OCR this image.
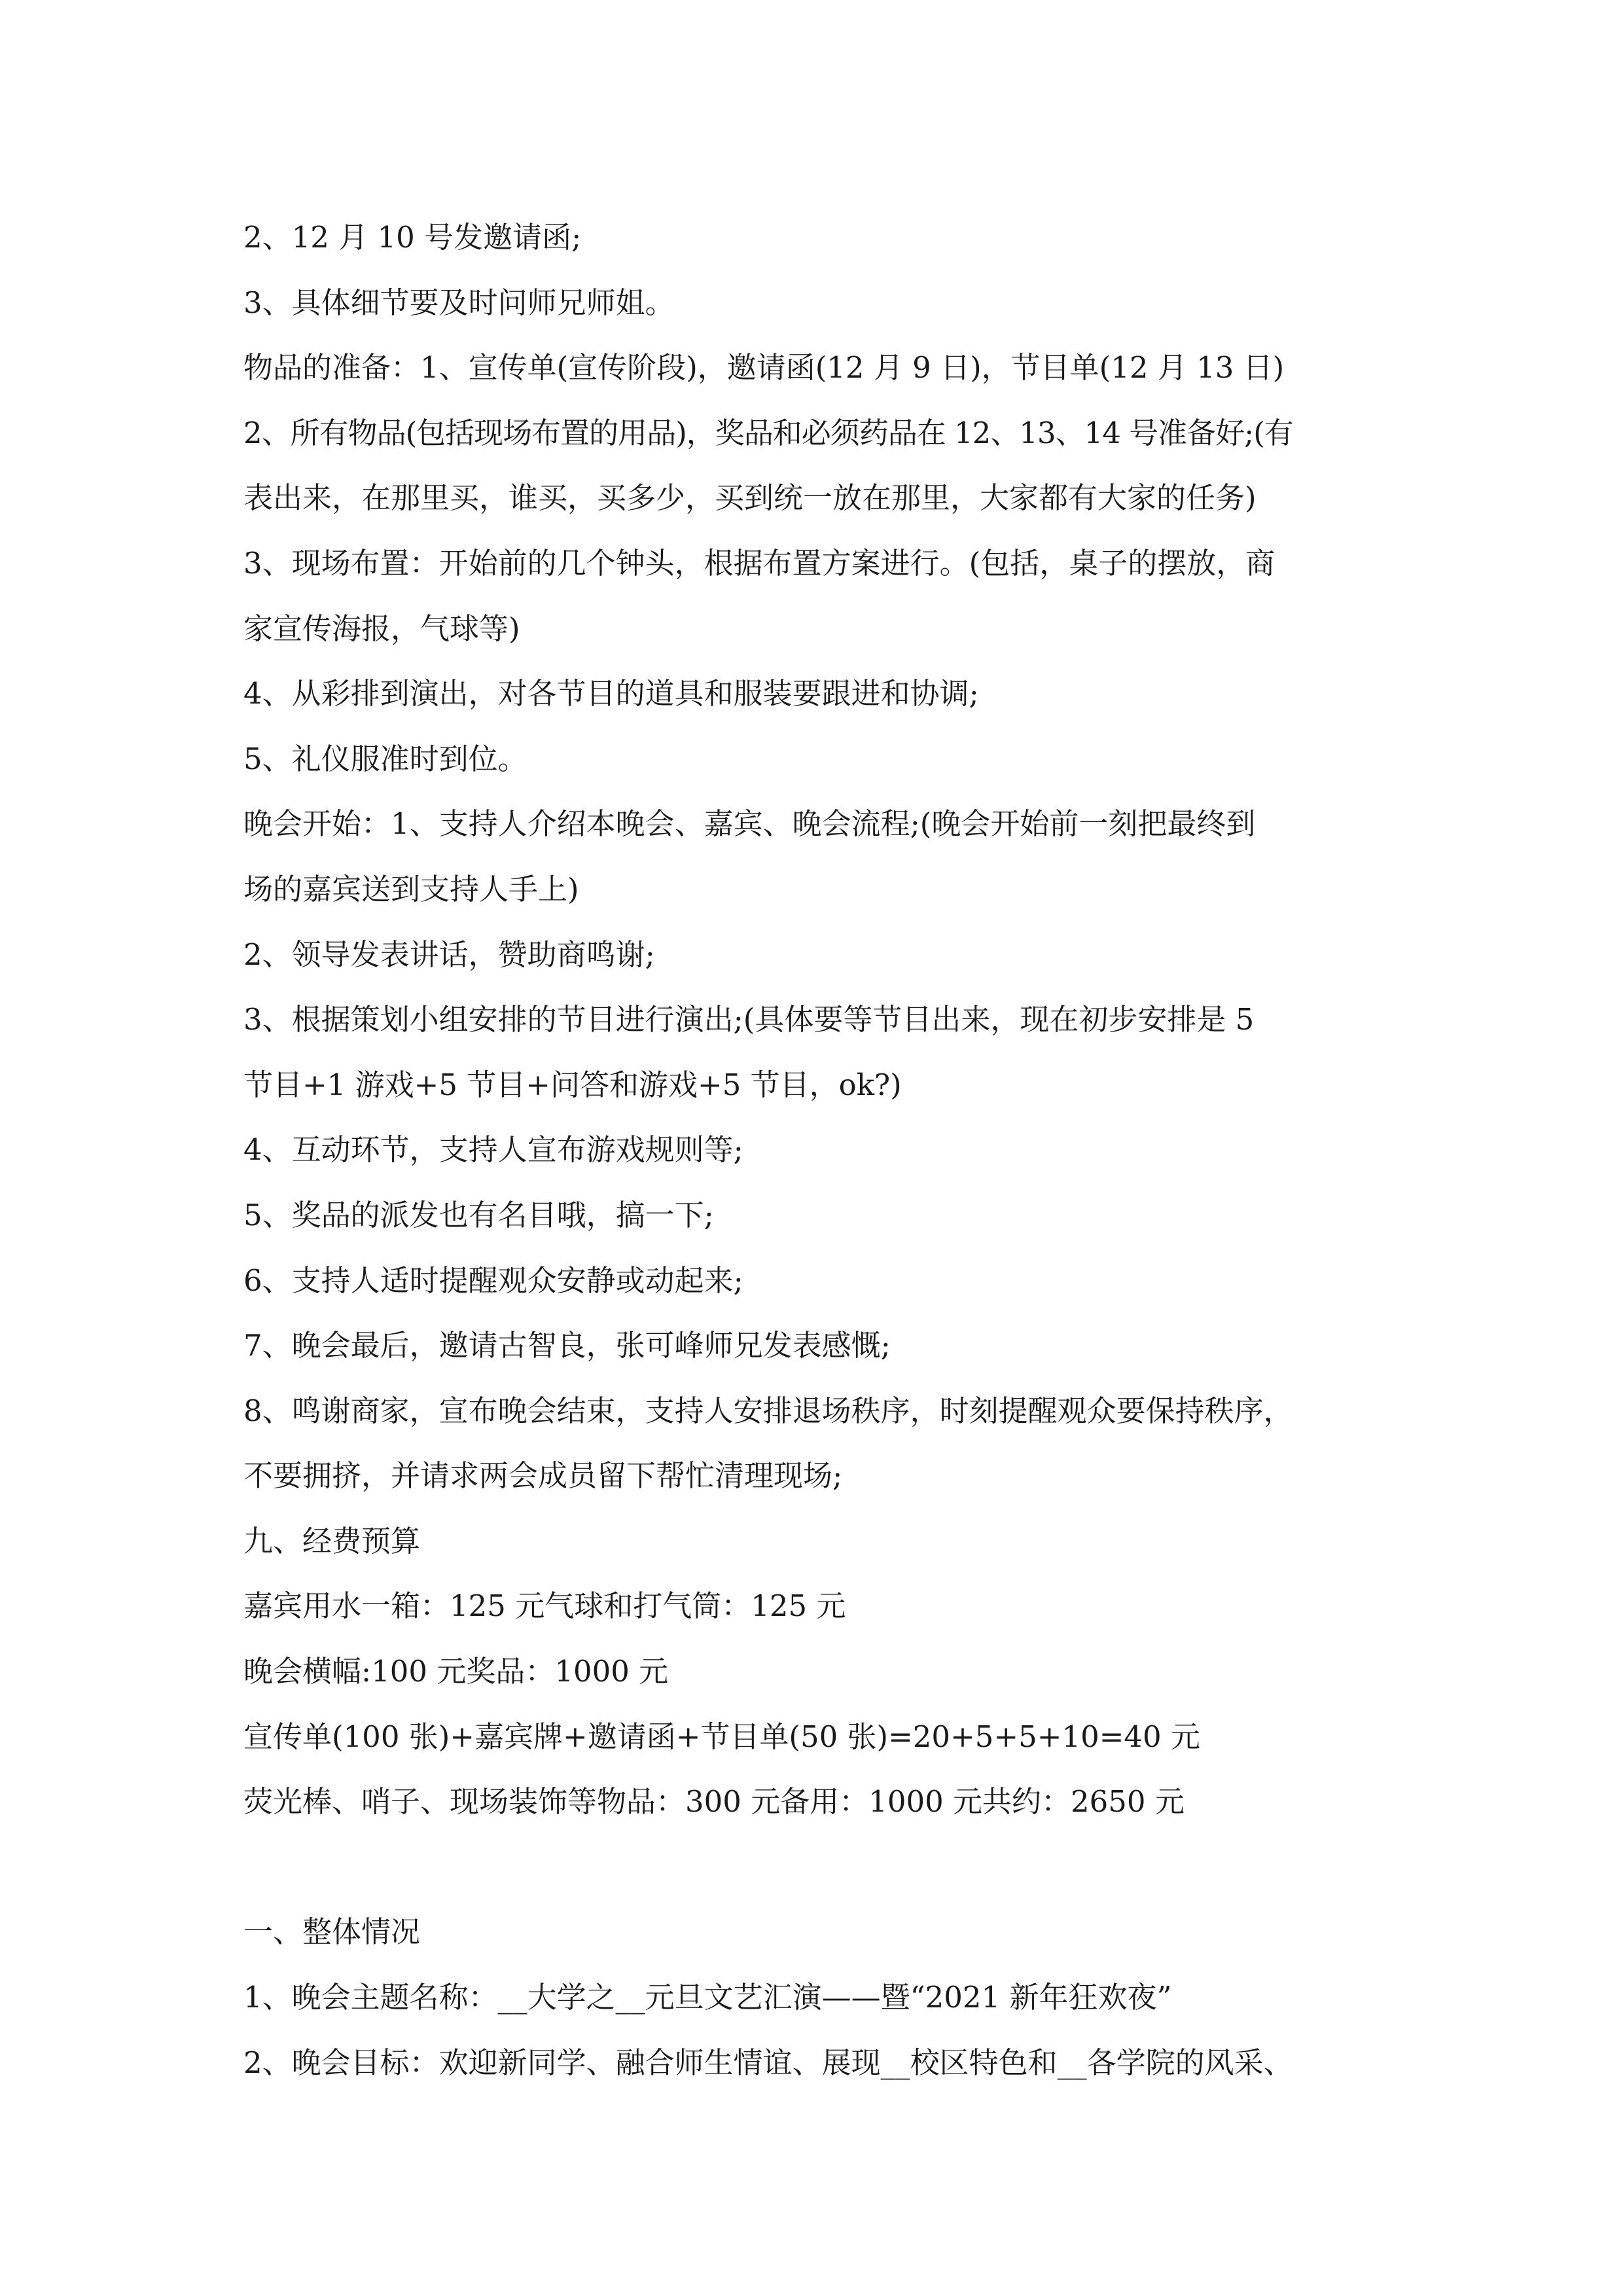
2、12 月 10 号发邀请函;

3、具体细节要及时问师兄师姐。

物品的准备：1、宣传单(宣传阶段)，邀请函(12 月 9 日)，节目单(12 月 13 日)

2、所有物品(包括现场布置的用品)，奖品和必须药品在 12、13、14 号准备好;(有

表出来，在那里买，谁买，买多少，买到统一放在那里，大家都有大家的任务)

3、现场布置：开始前的几个钟头，根据布置方案进行。(包括，桌子的摆放，商

家宣传海报，气球等)

4、从彩排到演出，对各节目的道具和服装要跟进和协调;

5、礼仪服准时到位。

晚会开始：1、支持人介绍本晚会、嘉宾、晚会流程;(晚会开始前一刻把最终到

场的嘉宾送到支持人手上)

2、领导发表讲话，赞助商鸣谢;

3、根据策划小组安排的节目进行演出;(具体要等节目出来，现在初步安排是 5

节目+1 游戏+5 节目+问答和游戏+5 节目，ok?)

4、互动环节，支持人宣布游戏规则等;

5、奖品的派发也有名目哦，搞一下;

6、支持人适时提醒观众安静或动起来;

7、晚会最后，邀请古智良，张可峰师兄发表感慨;

8、鸣谢商家，宣布晚会结束，支持人安排退场秩序，时刻提醒观众要保持秩序，

不要拥挤，并请求两会成员留下帮忙清理现场;

九、经费预算

嘉宾用水一箱：125 元气球和打气筒：125 元

晚会横幅:100 元奖品：1000 元

宣传单(100 张)+嘉宾牌+邀请函+节目单(50 张)=20+5+5+10=40 元

荧光棒、哨子、现场装饰等物品：300 元备用：1000 元共约：2650 元

一、整体情况

1、晚会主题名称：__大学之__元旦文艺汇演——暨“2021 新年狂欢夜”

2、晚会目标：欢迎新同学、融合师生情谊、展现__校区特色和__各学院的风采、
